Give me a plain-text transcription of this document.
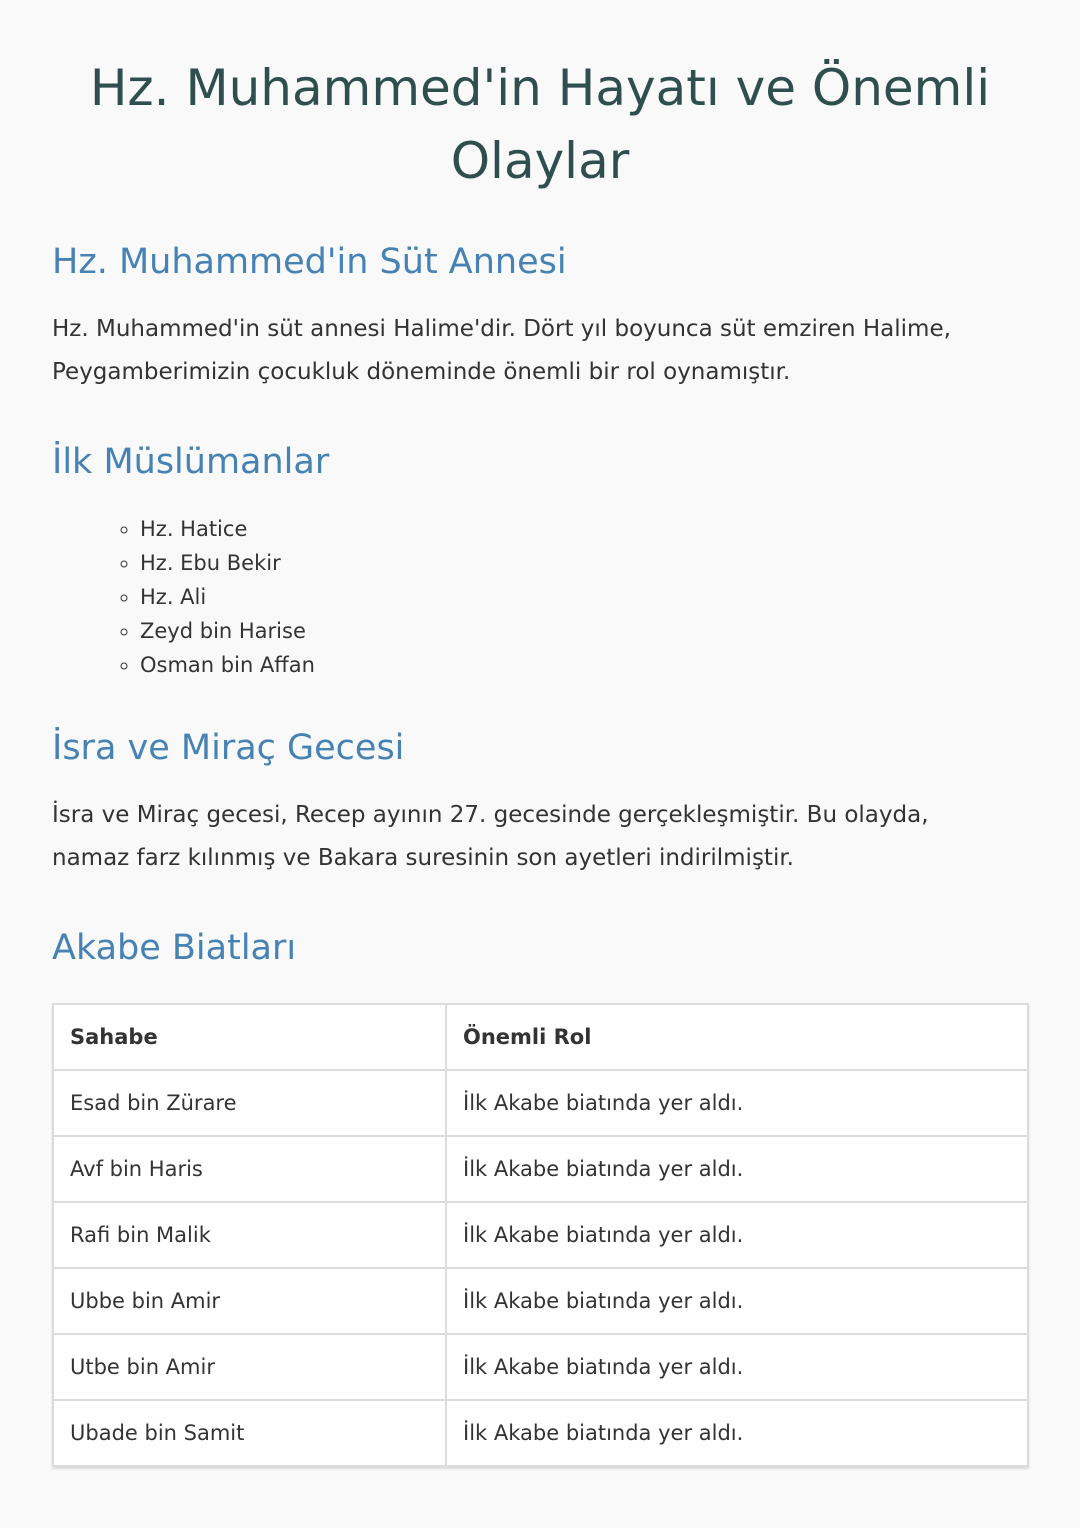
Hz. Muhammed'in Hayatı ve Önemli Olaylar
Hz. Muhammed'in Süt Annesi

Hz. Muhammed'in süt annesi Halime'dir. Dört yıl boyunca süt emziren Halime, Peygamberimizin çocukluk döneminde önemli bir rol oynamıştır.

İlk Müslümanlar
◦ Hz. Hatice
◦ Hz. Ebu Bekir
◦ Hz. Ali
◦ Zeyd bin Harise
◦ Osman bin Affan
İsra ve Miraç Gecesi

İsra ve Miraç gecesi, Recep ayının 27. gecesinde gerçekleşmiştir. Bu olayda, namaz farz kılınmış ve Bakara suresinin son ayetleri indirilmiştir.

Akabe Biatları
Sahabe	Önemli Rol
Esad bin Zürare	İlk Akabe biatında yer aldı.
Avf bin Haris	İlk Akabe biatında yer aldı.
Rafi bin Malik	İlk Akabe biatında yer aldı.
Ubbe bin Amir	İlk Akabe biatında yer aldı.
Utbe bin Amir	İlk Akabe biatında yer aldı.
Ubade bin Samit	İlk Akabe biatında yer aldı.
